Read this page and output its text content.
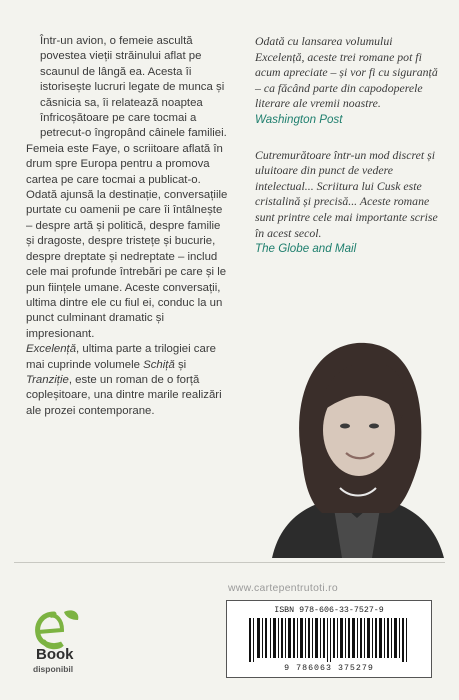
Într-un avion, o femeie ascultă povestea vieții străinului aflat pe scaunul de lângă ea. Acesta îi istorisește lucruri legate de munca și căsnicia sa, îi relatează noaptea înfricoșătoare pe care tocmai a petrecut-o îngropând câinele familiei.

Femeia este Faye, o scriitoare aflată în drum spre Europa pentru a promova cartea pe care tocmai a publicat-o. Odată ajunsă la destinație, conversațiile purtate cu oamenii pe care îi întâlnește – despre artă și politică, despre familie și dragoste, despre tristețe și bucurie, despre dreptate și nedreptate – includ cele mai profunde întrebări pe care și le pun ființele umane. Aceste conversații, ultima dintre ele cu fiul ei, conduc la un punct culminant dramatic și impresionant.

Excelență, ultima parte a trilogiei care mai cuprinde volumele Schiță și Tranziție, este un roman de o forță copleșitoare, una dintre marile realizări ale prozei contemporane.

Odată cu lansarea volumului Excelență, aceste trei romane pot fi acum apreciate – și vor fi cu siguranță – ca făcând parte din capodoperele literare ale vremii noastre.

Washington Post

Cutremurătoare într-un mod discret și uluitoare din punct de vedere intelectual... Scriitura lui Cusk este cristalină și precisă... Aceste romane sunt printre cele mai importante scrise în acest secol.

The Globe and Mail

www.cartepentrutoti.ro
ISBN 978-606-33-7527-9
9 786063 375279
e
Book
disponibil
